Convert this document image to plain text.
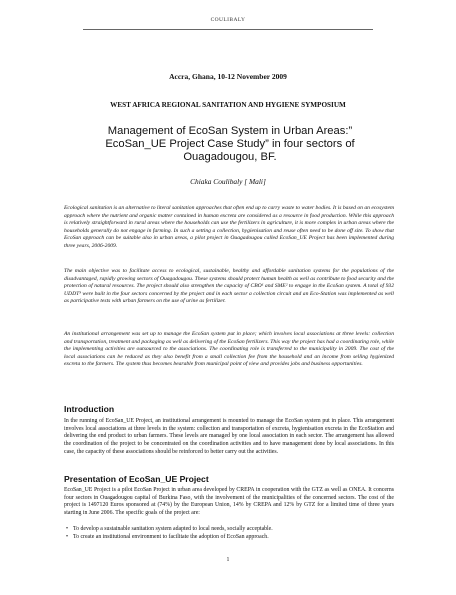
COULIBALY
Accra, Ghana, 10-12 November 2009
WEST AFRICA REGIONAL SANITATION AND HYGIENE SYMPOSIUM
Management of EcoSan System in Urban Areas:” EcoSan_UE Project Case Study” in four sectors of Ouagadougou, BF.
Chiaka Coulibaly [ Mali]

Ecological sanitation is an alternative to literal sanitation approaches that often end up to carry waste to water bodies. It is based on an ecosystem approach where the nutrient and organic matter contained in human excreta are considered as a resource in food production. While this approach is relatively straightforward in rural areas where the households can use the fertilizers in agriculture, it is more complex in urban areas where the households generally do not engage in farming. In such a setting a collection, hygienisation and reuse often need to be done off site. To show that EcoSan approach can be suitable also in urban areas, a pilot project in Ouagadougou called EcoSan_UE Project has been implemented during three years, 2006-2009.

The main objective was to facilitate access to ecological, sustainable, healthy and affordable sanitation systems for the populations of the disadvantaged, rapidly growing sectors of Ouagadougou. These systems should protect human health as well as contribute to food security and the protection of natural resources. The project should also strengthen the capacity of CBO¹ and SME² to engage in the EcoSan system. A total of 932 UDDT³ were built in the four sectors concerned by the project and in each sector a collection circuit and an Eco-Station was implemented as well as participative tests with urban farmers on the use of urine as fertilizer.

An institutional arrangement was set up to manage the EcoSan system put in place; which involves local associations at three levels: collection and transportation, treatment and packaging as well as delivering of the EcoSan fertilizers. This way the project has had a coordinating role, while the implementing activities are outsourced to the associations. The coordinating role is transferred to the municipality in 2009. The cost of the local associations can be reduced as they also benefit from a small collection fee from the household and an income from selling hygienized excreta to the farmers. The system thus becomes bearable from municipal point of view and provides jobs and business opportunities.

Introduction

In the running of EcoSan_UE Project, an institutional arrangement is mounted to manage the EcoSan system put in place. This arrangement involves local associations at three levels in the system: collection and transportation of excreta, hygienisation excreta in the EcoStation and delivering the end product to urban farmers. These levels are managed by one local association in each sector. The arrangement has allowed the coordination of the project to be concentrated on the coordination activities and to have management done by local associations. In this case, the capacity of these associations should be reinforced to better carry out the activities.

Presentation of EcoSan_UE Project

EcoSan_UE Project is a pilot EcoSan Project in urban area developed by CREPA in cooperation with the GTZ as well as ONEA. It concerns four sectors in Ouagadougou capital of Burkina Faso, with the involvement of the municipalities of the concerned sectors. The cost of the project is 1497120 Euros sponsored at (74%) by the European Union, 14% by CREPA and 12% by GTZ for a limited time of three years starting in June 2006. The specific goals of the project are:

• To develop a sustainable sanitation system adapted to local needs, socially acceptable.
• To create an institutional environment to facilitate the adoption of EcoSan approach.
1
